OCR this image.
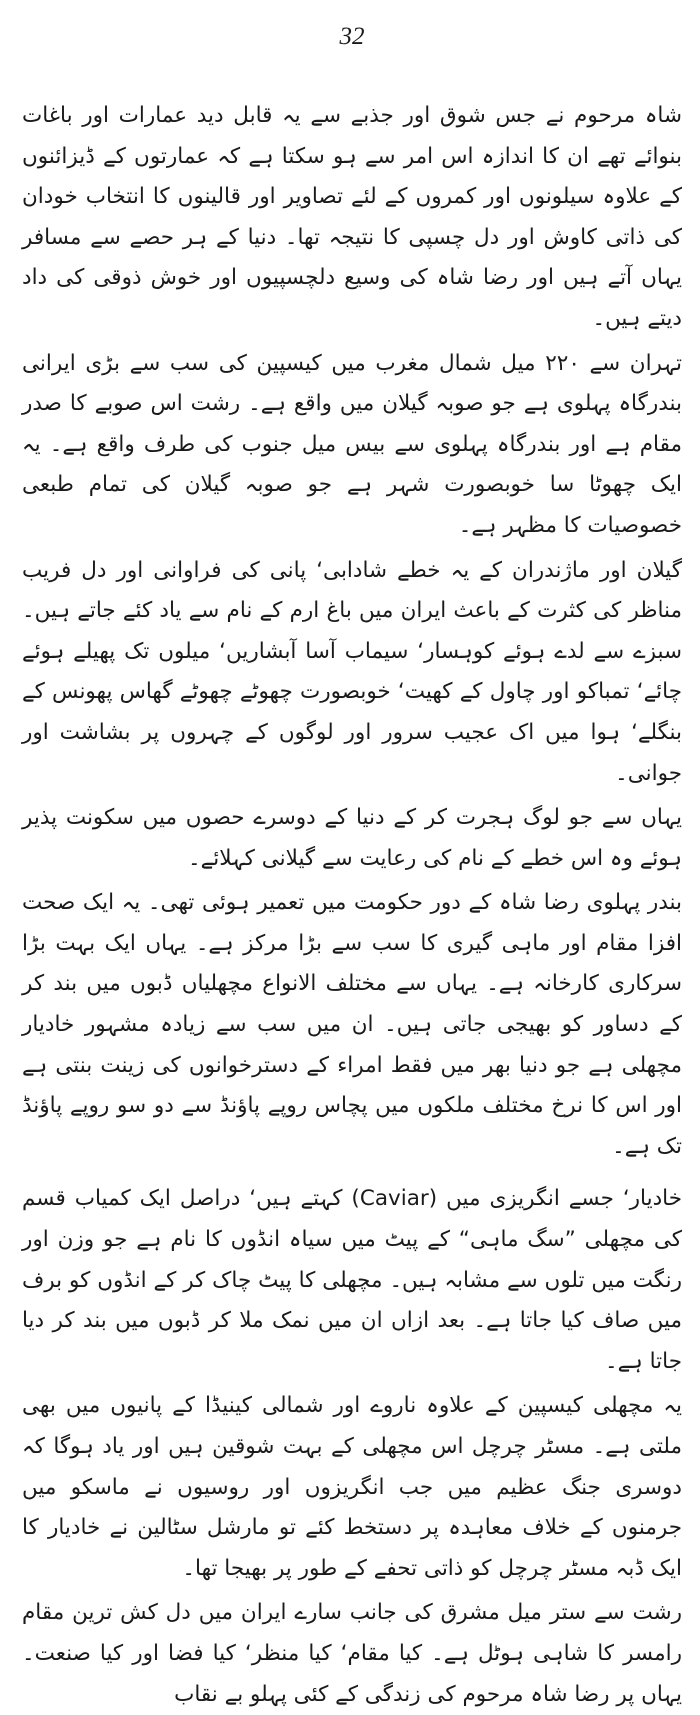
32

شاہ مرحوم نے جس شوق اور جذبے سے یہ قابل دید عمارات اور باغات بنوائے تھے ان کا اندازہ اس امر سے ہو سکتا ہے کہ عمارتوں کے ڈیزائنوں کے علاوہ سیلونوں اور کمروں کے لئے تصاویر اور قالینوں کا انتخاب خودان کی ذاتی کاوش اور دل چسپی کا نتیجہ تھا۔ دنیا کے ہر حصے سے مسافر یہاں آتے ہیں اور رضا شاہ کی وسیع دلچسپیوں اور خوش ذوقی کی داد دیتے ہیں۔

تہران سے ۲۲۰ میل شمال مغرب میں کیسپین کی سب سے بڑی ایرانی بندرگاہ پہلوی ہے جو صوبہ گیلان میں واقع ہے۔ رشت اس صوبے کا صدر مقام ہے اور بندرگاہ پہلوی سے بیس میل جنوب کی طرف واقع ہے۔ یہ ایک چھوٹا سا خوبصورت شہر ہے جو صوبہ گیلان کی تمام طبعی خصوصیات کا مظہر ہے۔

گیلان اور ماژندران کے یہ خطے شادابی‘ پانی کی فراوانی اور دل فریب مناظر کی کثرت کے باعث ایران میں باغ ارم کے نام سے یاد کئے جاتے ہیں۔ سبزے سے لدے ہوئے کوہسار‘ سیماب آسا آبشاریں‘ میلوں تک پھیلے ہوئے چائے‘ تمباکو اور چاول کے کھیت‘ خوبصورت چھوٹے چھوٹے گھاس پھونس کے بنگلے‘ ہوا میں اک عجیب سرور اور لوگوں کے چہروں پر بشاشت اور جوانی۔

یہاں سے جو لوگ ہجرت کر کے دنیا کے دوسرے حصوں میں سکونت پذیر ہوئے وہ اس خطے کے نام کی رعایت سے گیلانی کہلائے۔

بندر پہلوی رضا شاہ کے دور حکومت میں تعمیر ہوئی تھی۔ یہ ایک صحت افزا مقام اور ماہی گیری کا سب سے بڑا مرکز ہے۔ یہاں ایک بہت بڑا سرکاری کارخانہ ہے۔ یہاں سے مختلف الانواع مچھلیاں ڈبوں میں بند کر کے دساور کو بھیجی جاتی ہیں۔ ان میں سب سے زیادہ مشہور خادیار مچھلی ہے جو دنیا بھر میں فقط امراء کے دسترخوانوں کی زینت بنتی ہے اور اس کا نرخ مختلف ملکوں میں پچاس روپے پاؤنڈ سے دو سو روپے پاؤنڈ تک ہے۔

خادیار‘ جسے انگریزی میں (Caviar) کہتے ہیں‘ دراصل ایک کمیاب قسم کی مچھلی ”سگ ماہی“ کے پیٹ میں سیاہ انڈوں کا نام ہے جو وزن اور رنگت میں تلوں سے مشابہ ہیں۔ مچھلی کا پیٹ چاک کر کے انڈوں کو برف میں صاف کیا جاتا ہے۔ بعد ازاں ان میں نمک ملا کر ڈبوں میں بند کر دیا جاتا ہے۔

یہ مچھلی کیسپین کے علاوہ ناروے اور شمالی کینیڈا کے پانیوں میں بھی ملتی ہے۔ مسٹر چرچل اس مچھلی کے بہت شوقین ہیں اور یاد ہوگا کہ دوسری جنگ عظیم میں جب انگریزوں اور روسیوں نے ماسکو میں جرمنوں کے خلاف معاہدہ پر دستخط کئے تو مارشل سٹالین نے خادیار کا ایک ڈبہ مسٹر چرچل کو ذاتی تحفے کے طور پر بھیجا تھا۔

رشت سے ستر میل مشرق کی جانب سارے ایران میں دل کش ترین مقام رامسر کا شاہی ہوٹل ہے۔ کیا مقام‘ کیا منظر‘ کیا فضا اور کیا صنعت۔ یہاں پر رضا شاہ مرحوم کی زندگی کے کئی پہلو بے نقاب
